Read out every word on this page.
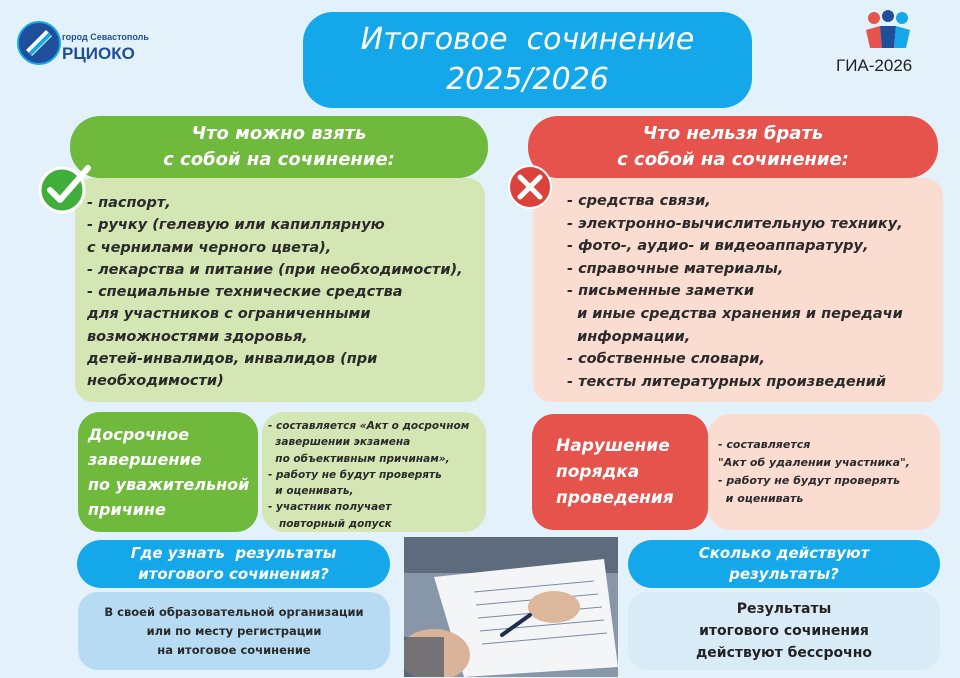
город Севастополь
РЦИОКО	Итоговое  сочинение
2025/2026	ГИА-2026
Что можно взять
с собой на сочинение:
- паспорт,
- ручку (гелевую или капиллярную
с чернилами черного цвета),
- лекарства и питание (при необходимости),
- специальные технические средства
для участников с ограниченными
возможностями здоровья,
детей-инвалидов, инвалидов (при
необходимости)
Что нельзя брать
с собой на сочинение:
- средства связи,
- электронно-вычислительную технику,
- фото-, аудио- и видеоаппаратуру,
- справочные материалы,
- письменные заметки
и иные средства хранения и передачи
информации,
- собственные словари,
- тексты литературных произведений
Досрочное
завершение
по уважительной
причине
- составляется «Акт о досрочном
завершении экзамена
по объективным причинам»,
- работу не будут проверять
и оценивать,
- участник получает
повторный допуск
Нарушение
порядка
проведения
- составляется
"Акт об удалении участника",
- работу не будут проверять
и оценивать
Где узнать  результаты
итогового сочинения?
В своей образовательной организации
или по месту регистрации
на итоговое сочинение
Сколько действуют
результаты?
Результаты
итогового сочинения
действуют бессрочно
